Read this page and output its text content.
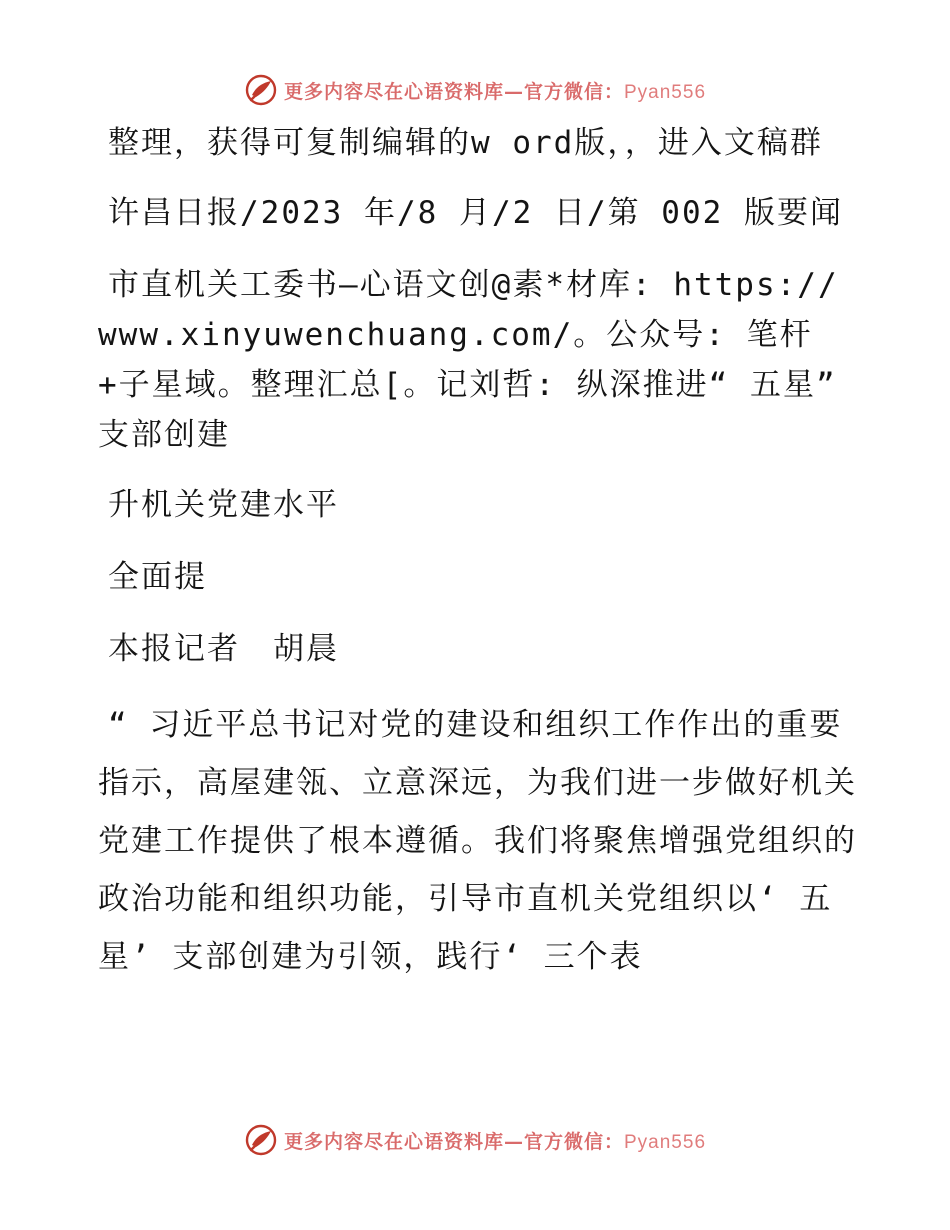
更多内容尽在心语资料库—官方微信：Pyan556

整理，获得可复制编辑的w ord版，，进入文稿群

许昌日报/2023 年/8 月/2 日/第 002 版要闻

市直机关工委书—心语文创@素*材库: https:// www.xinyuwenchuang.com/。公众号: 笔杆+子星域。整理汇总[。记刘哲: 纵深推进“ 五星” 支部创建

升机关党建水平

全面提

本报记者　胡晨

“ 习近平总书记对党的建设和组织工作作出的重要指示，高屋建瓴、立意深远，为我们进一步做好机关党建工作提供了根本遵循。我们将聚焦增强党组织的政治功能和组织功能，引导市直机关党组织以‘ 五星’ 支部创建为引领，践行‘ 三个表

更多内容尽在心语资料库—官方微信：Pyan556
